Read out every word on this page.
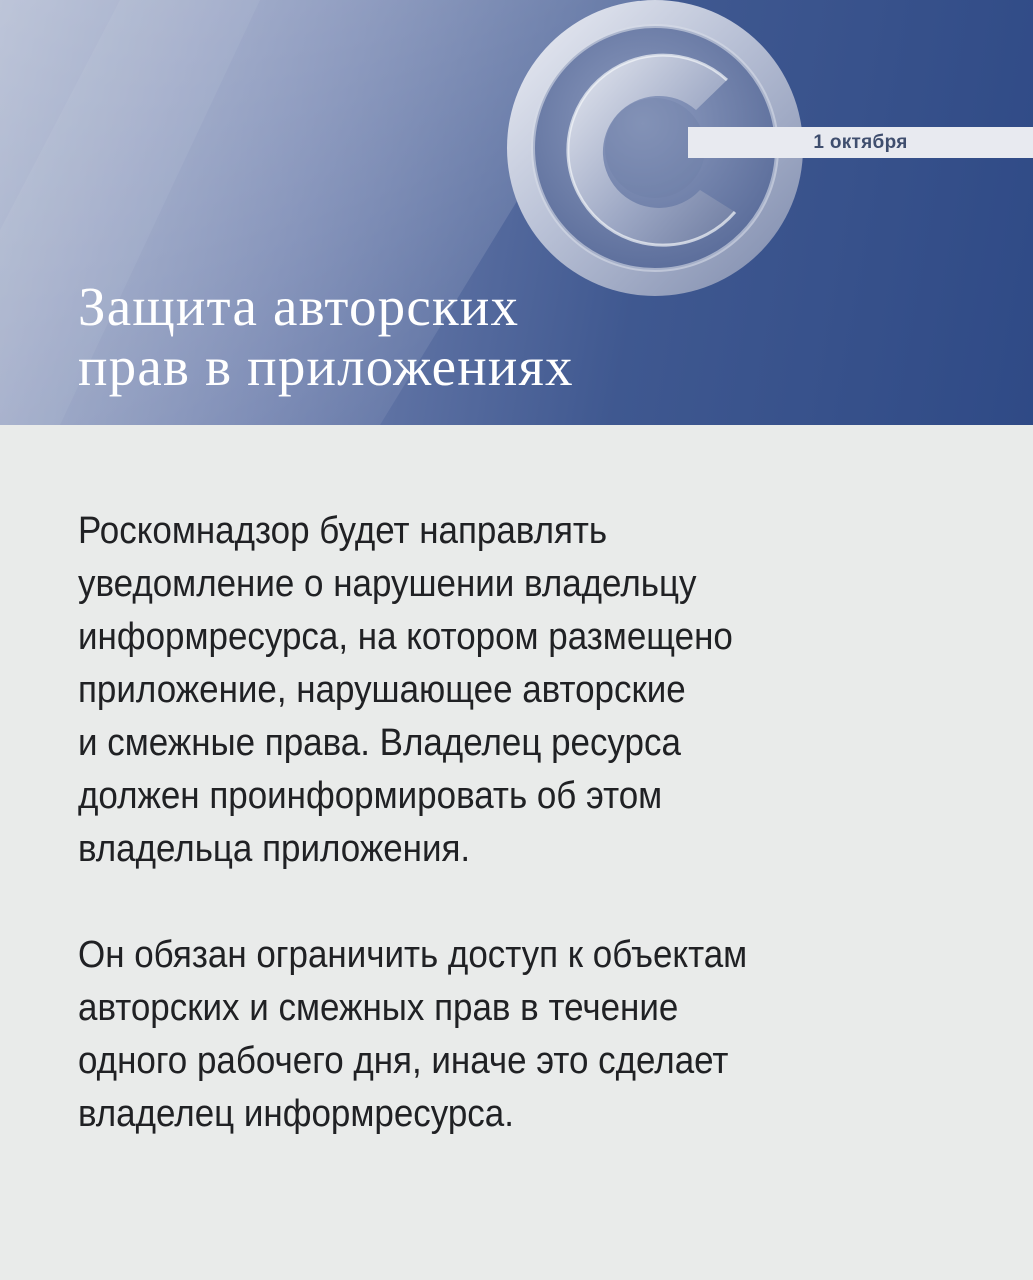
1 октября
Защита авторских
прав в приложениях

Роскомнадзор будет направлять
уведомление о нарушении владельцу
информресурса, на котором размещено
приложение, нарушающее авторские
и смежные права. Владелец ресурса
должен проинформировать об этом
владельца приложения.

Он обязан ограничить доступ к объектам
авторских и смежных прав в течение
одного рабочего дня, иначе это сделает
владелец информресурса.
